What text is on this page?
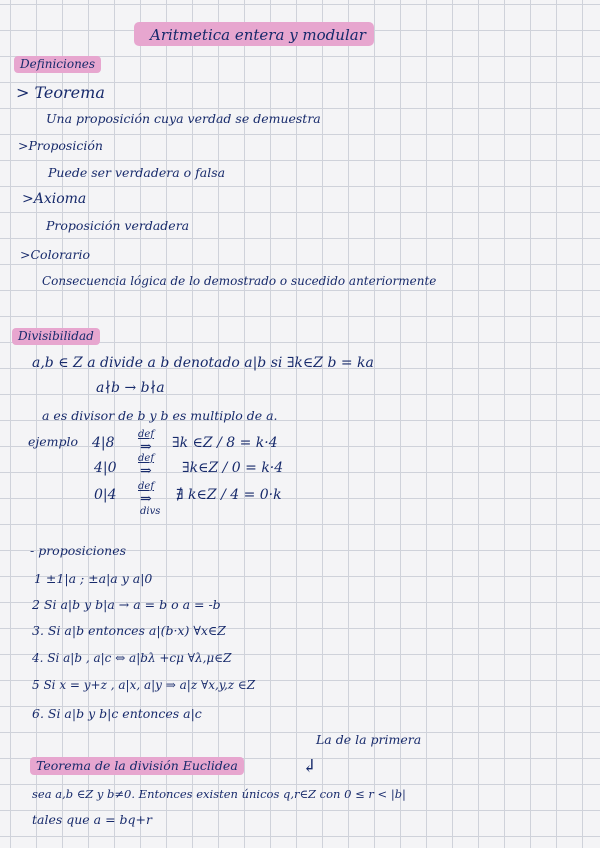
Aritmetica entera y modular
Definiciones
> Teorema
Una proposición cuya verdad se demuestra
>Proposición
Puede ser verdadera o falsa
>Axioma
Proposición verdadera
>Colorario
Consecuencia lógica de lo demostrado o sucedido anteriormente
Divisibilidad
a,b ∈ Z a divide a b denotado a|b si ∃k∈Z b = ka
a∤b → b∤a
a es divisor de b y b es multiplo de a.
ejemplo 4|8
def
⇒ ∃k ∈Z / 8 = k·4
4|0
def
⇒ ∃k∈Z / 0 = k·4
0|4
def
⇒
divs
∄ k∈Z / 4 = 0·k
- proposiciones
1 ±1|a ; ±a|a y a|0
2 Si a|b y b|a → a = b o a = -b
3. Si a|b entonces a|(b·x) ∀x∈Z
4. Si a|b , a|c ⇔ a|bλ +cμ ∀λ,μ∈Z
5 Si x = y+z , a|x, a|y ⇒ a|z ∀x,y,z ∈Z
6. Si a|b y b|c entonces a|c
La de la primera
↲
Teorema de la división Euclidea
sea a,b ∈Z y b≠0. Entonces existen únicos q,r∈Z con 0 ≤ r < |b|
tales que a = bq+r
